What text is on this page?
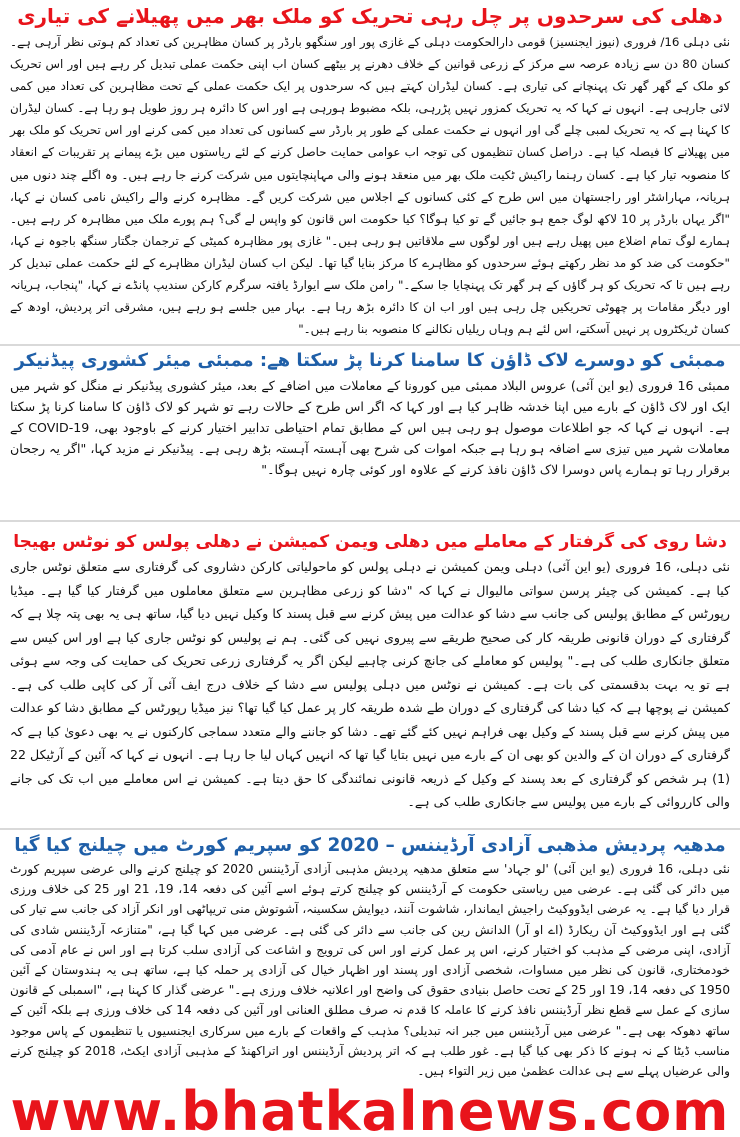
دھلی کی سرحدوں پر چل رہی تحریک کو ملک بھر میں پھیلانے کی تیاری

نئی دہلی 16/ فروری (نیوز ایجنسیز) قومی دارالحکومت دہلی کے غازی پور اور سنگھو بارڈر پر کسان مظاہرین کی تعداد کم ہوتی نظر آرہی ہے۔ کسان 80 دن سے زیادہ عرصہ سے مرکز کے زرعی قوانین کے خلاف دھرنے پر بیٹھے کسان اب اپنی حکمت عملی تبدیل کر رہے ہیں اور اس تحریک کو ملک کے گھر گھر تک پہنچانے کی تیاری ہے۔ کسان لیڈران کہتے ہیں کہ سرحدوں پر ایک حکمت عملی کے تحت مظاہرین کی تعداد میں کمی لائی جارہی ہے۔ انہوں نے کہا کہ یہ تحریک کمزور نہیں پڑرہی، بلکہ مضبوط ہورہی ہے اور اس کا دائرہ ہر روز طویل ہو رہا ہے۔ کسان لیڈران کا کہنا ہے کہ یہ تحریک لمبی چلے گی اور انہوں نے حکمت عملی کے طور پر بارڈر سے کسانوں کی تعداد میں کمی کرنے اور اس تحریک کو ملک بھر میں پھیلانے کا فیصلہ کیا ہے۔ دراصل کسان تنظیموں کی توجہ اب عوامی حمایت حاصل کرنے کے لئے ریاستوں میں بڑے پیمانے پر تقریبات کے انعقاد کا منصوبہ تیار کیا ہے۔ کسان رہنما راکیش ٹکیت ملک بھر میں منعقد ہونے والی مہاپنچایتوں میں شرکت کرنے جا رہے ہیں۔ وہ اگلے چند دنوں میں ہریانہ، مہاراشٹر اور راجستھان میں اس طرح کے کئی کسانوں کے اجلاس میں شرکت کریں گے۔ مظاہرہ کرنے والے راکیش نامی کسان نے کہا، "اگر یہاں بارڈر پر 10 لاکھ لوگ جمع ہو جائیں گے تو کیا ہوگا؟ کیا حکومت اس قانون کو واپس لے گی؟ ہم پورے ملک میں مظاہرہ کر رہے ہیں۔ ہمارے لوگ تمام اضلاع میں پھیل رہے ہیں اور لوگوں سے ملاقاتیں ہو رہی ہیں۔" غازی پور مظاہرہ کمیٹی کے ترجمان جگتار سنگھ باجوہ نے کہا، "حکومت کی ضد کو مد نظر رکھتے ہوئے سرحدوں کو مظاہرے کا مرکز بنایا گیا تھا۔ لیکن اب کسان لیڈران مظاہرے کے لئے حکمت عملی تبدیل کر رہے ہیں تا کہ تحریک کو ہر گاؤں کے ہر گھر تک پہنچایا جا سکے۔" رامن ملک سے ایوارڈ یافتہ سرگرم کارکن سندیپ پانڈے نے کہا، "پنجاب، ہریانہ اور دیگر مقامات پر چھوٹی تحریکیں چل رہی ہیں اور اب ان کا دائرہ بڑھ رہا ہے۔ بہار میں جلسے ہو رہے ہیں، مشرقی اتر پردیش، اودھ کے کسان ٹریکٹروں پر نہیں آسکتے، اس لئے ہم وہاں ریلیاں نکالنے کا منصوبہ بنا رہے ہیں۔"

ممبئی کو دوسرے لاک ڈاؤن کا سامنا کرنا پڑ سکتا ھے: ممبئی میئر کشوری پیڈنیکر

ممبئی 16 فروری (یو این آئی) عروس البلاد ممبئی میں کورونا کے معاملات میں اضافے کے بعد، میئر کشوری پیڈنیکر نے منگل کو شہر میں ایک اور لاک ڈاؤن کے بارے میں اپنا خدشہ ظاہر کیا ہے اور کہا کہ اگر اس طرح کے حالات رہے تو شہر کو لاک ڈاؤن کا سامنا کرنا پڑ سکتا ہے۔ انہوں نے کہا کہ جو اطلاعات موصول ہو رہی ہیں اس کے مطابق تمام احتیاطی تدابیر اختیار کرنے کے باوجود بھی، COVID-19 کے معاملات شہر میں تیزی سے اضافہ ہو رہا ہے جبکہ اموات کی شرح بھی آہستہ آہستہ بڑھ رہی ہے۔ پیڈنیکر نے مزید کہا، "اگر یہ رجحان برقرار رہا تو ہمارے پاس دوسرا لاک ڈاؤن نافذ کرنے کے علاوہ اور کوئی چارہ نہیں ہوگا۔"

دشا روی کی گرفتار کے معاملے میں دھلی ویمن کمیشن نے دھلی پولس کو نوٹس بھیجا

نئی دہلی، 16 فروری (یو این آئی) دہلی ویمن کمیشن نے دہلی پولس کو ماحولیاتی کارکن دشاروی کی گرفتاری سے متعلق نوٹس جاری کیا ہے۔ کمیشن کی چیئر پرسن سواتی مالیوال نے کہا کہ "دشا کو زرعی مظاہرین سے متعلق معاملوں میں گرفتار کیا گیا ہے۔ میڈیا رپورٹس کے مطابق پولیس کی جانب سے دشا کو عدالت میں پیش کرنے سے قبل پسند کا وکیل نہیں دیا گیا، ساتھ ہی یہ بھی پتہ چلا ہے کہ گرفتاری کے دوران قانونی طریقہ کار کی صحیح طریقے سے پیروی نہیں کی گئی۔ ہم نے پولیس کو نوٹس جاری کیا ہے اور اس کیس سے متعلق جانکاری طلب کی ہے۔" پولیس کو معاملے کی جانچ کرنی چاہیے لیکن اگر یہ گرفتاری زرعی تحریک کی حمایت کی وجہ سے ہوئی ہے تو یہ بہت بدقسمتی کی بات ہے۔ کمیشن نے نوٹس میں دہلی پولیس سے دشا کے خلاف درج ایف آئی آر کی کاپی طلب کی ہے۔ کمیشن نے پوچھا ہے کہ کیا دشا کی گرفتاری کے دوران طے شدہ طریقہ کار پر عمل کیا گیا تھا؟ نیز میڈیا رپورٹس کے مطابق دشا کو عدالت میں پیش کرنے سے قبل پسند کے وکیل بھی فراہم نہیں کئے گئے تھے۔ دشا کو جاننے والے متعدد سماجی کارکنوں نے یہ بھی دعویٰ کیا ہے کہ گرفتاری کے دوران ان کے والدین کو بھی ان کے بارے میں نہیں بتایا گیا تھا کہ انہیں کہاں لیا جا رہا ہے۔ انہوں نے کہا کہ آئین کے آرٹیکل 22 (1) ہر شخص کو گرفتاری کے بعد پسند کے وکیل کے ذریعہ قانونی نمائندگی کا حق دیتا ہے۔ کمیشن نے اس معاملے میں اب تک کی جانے والی کارروائی کے بارے میں پولیس سے جانکاری طلب کی ہے۔

مدھیہ پردیش مذھبی آزادی آرڈیننس – 2020 کو سپریم کورٹ میں چیلنج کیا گیا

نئی دہلی، 16 فروری (یو این آئی) 'لو جہاد' سے متعلق مدھیہ پردیش مذہبی آزادی آرڈیننس 2020 کو چیلنج کرنے والی عرضی سپریم کورٹ میں دائر کی گئی ہے۔ عرضی میں ریاستی حکومت کے آرڈیننس کو چیلنج کرتے ہوئے اسے آئین کی دفعہ 14، 19، 21 اور 25 کی خلاف ورزی قرار دیا گیا ہے۔ یہ عرضی ایڈووکیٹ راجیش ایماندار، شاشوت آنند، دیوایش سکسینہ، آشوتوش منی تریپاٹھی اور انکر آزاد کی جانب سے تیار کی گئی ہے اور ایڈووکیٹ آن ریکارڈ (اے او آر) الدانش رین کی جانب سے دائر کی گئی ہے۔ عرضی میں کہا گیا ہے، "متنازعہ آرڈیننس شادی کی آزادی، اپنی مرضی کے مذہب کو اختیار کرنے، اس پر عمل کرنے اور اس کی ترویج و اشاعت کی آزادی سلب کرتا ہے اور اس نے عام آدمی کی خودمختاری، قانون کی نظر میں مساوات، شخصی آزادی اور پسند اور اظہار خیال کی آزادی پر حملہ کیا ہے، ساتھ ہی یہ ہندوستان کے آئین 1950 کی دفعہ 14، 19 اور 25 کے تحت حاصل بنیادی حقوق کی واضح اور اعلانیہ خلاف ورزی ہے۔" عرضی گذار کا کہنا ہے، "اسمبلی کے قانون سازی کے عمل سے قطع نظر آرڈیننس نافذ کرنے کا عاملہ کا قدم نہ صرف مطلق العنانی اور آئین کی دفعہ 14 کی خلاف ورزی ہے بلکہ آئین کے ساتھ دھوکہ بھی ہے۔" عرضی میں آرڈیننس میں جبر انہ تبدیلی؟ مذہب کے واقعات کے بارے میں سرکاری ایجنسیوں یا تنظیموں کے پاس موجود مناسب ڈیٹا کے نہ ہونے کا ذکر بھی کیا گیا ہے۔ غور طلب ہے کہ اتر پردیش آرڈیننس اور اتراکھنڈ کے مذہبی آزادی ایکٹ، 2018 کو چیلنج کرنے والی عرضیاں پہلے سے ہی عدالت عظمیٰ میں زیر التواء ہیں۔

www.bhatkalnews.com
